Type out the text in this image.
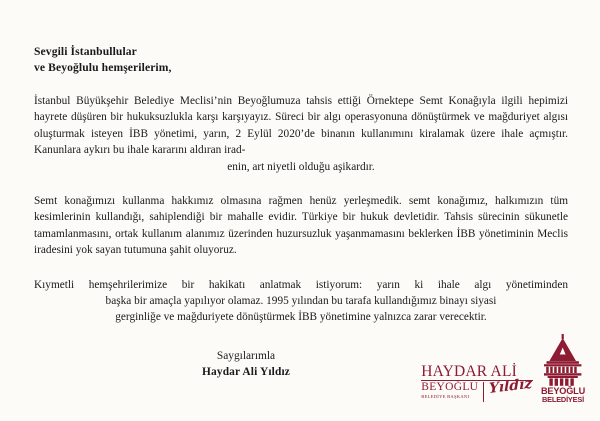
Sevgili İstanbullular
ve Beyoğlulu hemşerilerim,

İstanbul Büyükşehir Belediye Meclisi’nin Beyoğlumuza tahsis ettiği Örnektepe Semt Konağıyla ilgili hepimizi hayrete düşüren bir hukuksuzlukla karşı karşıyayız. Süreci bir algı operasyonuna dönüştürmek ve mağduriyet algısı oluşturmak isteyen İBB yönetimi, yarın, 2 Eylül 2020’de binanın kullanımını kiralamak üzere ihale açmıştır. Kanunlara aykırı bu ihale kararını aldıran irad-
enin, art niyetli olduğu aşikardır.

Semt konağımızı kullanma hakkımız olmasına rağmen henüz yerleşmedik. semt konağımız, halkımızın tüm kesimlerinin kullandığı, sahiplendiği bir mahalle evidir. Türkiye bir hukuk devletidir. Tahsis sürecinin sükunetle tamamlanmasını, ortak kullanım alanımız üzerinden huzursuzluk yaşanmamasını beklerken İBB yönetiminin Meclis iradesini yok sayan tutumuna şahit oluyoruz.

Kıymetli hemşehrilerimize bir hakikatı anlatmak istiyorum: yarın ki ihale algı yönetiminden
başka bir amaçla yapılıyor olamaz. 1995 yılından bu tarafa kullandığımız binayı siyasi
gerginliğe ve mağduriyete dönüştürmek İBB yönetimine yalnızca zarar verecektir.

Saygılarımla
Haydar Ali Yıldız	HAYDAR ALİ
BEYOĞLU
BELEDİYE BAŞKANI	Yıldız BEYOĞLU
BELEDİYESİ
